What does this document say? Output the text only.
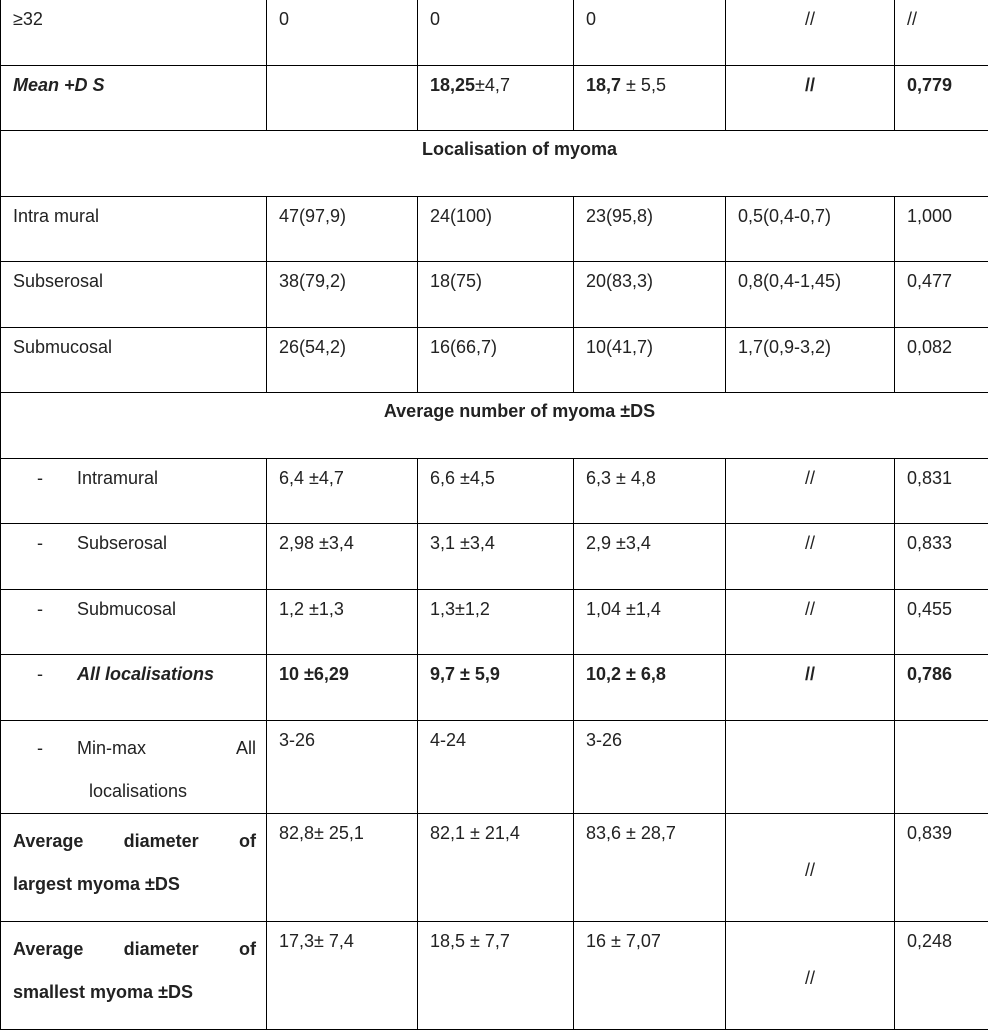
≥32	0	0	0	//	//
Mean +D S		18,25±4,7	18,7 ± 5,5	//	0,779
Localisation of myoma					
Intra mural	47(97,9)	24(100)	23(95,8)	0,5(0,4-0,7)	1,000
Subserosal	38(79,2)	18(75)	20(83,3)	0,8(0,4-1,45)	0,477
Submucosal	26(54,2)	16(66,7)	10(41,7)	1,7(0,9-3,2)	0,082
Average number of myoma ±DS					
- Intramural	6,4 ±4,7	6,6 ±4,5	6,3 ± 4,8	//	0,831
- Subserosal	2,98 ±3,4	3,1 ±3,4	2,9 ±3,4	//	0,833
- Submucosal	1,2 ±1,3	1,3±1,2	1,04 ±1,4	//	0,455
- All localisations	10 ±6,29	9,7 ± 5,9	10,2 ± 6,8	//	0,786

- Min-max All
localisations	3-26	4-24	3-26		

Average diameter of
largest myoma ±DS	82,8± 25,1	82,1 ± 21,4	83,6 ± 28,7	//	0,839

Average diameter of
smallest myoma ±DS	17,3± 7,4	18,5 ± 7,7	16 ± 7,07	//	0,248
